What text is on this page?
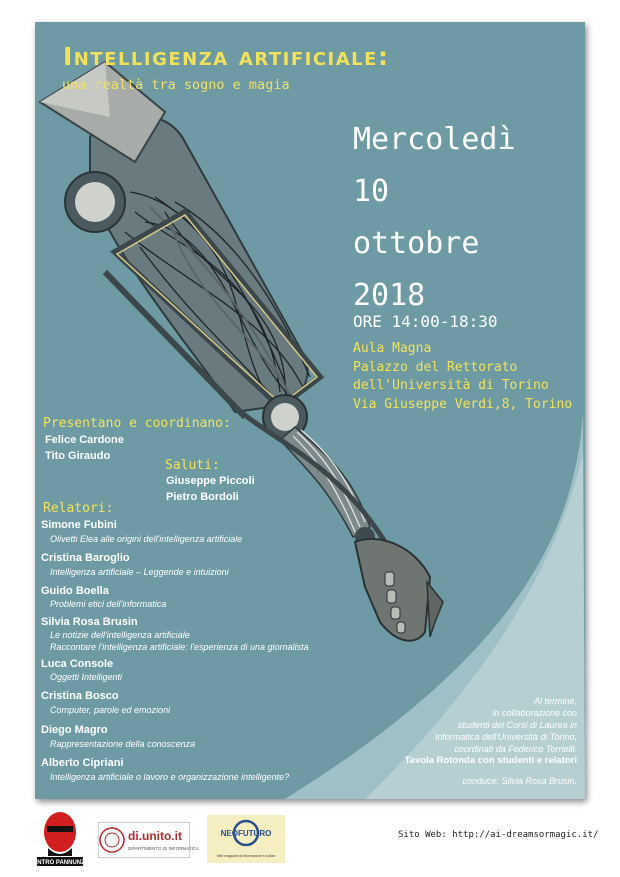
Intelligenza artificiale:
una realtà tra sogno e magia
Mercoledì
10
ottobre
2018
ORE 14:00-18:30
Aula Magna
Palazzo del Rettorato
dell'Università di Torino
Via Giuseppe Verdi,8, Torino
Presentano e coordinano:
Felice Cardone
Tito Giraudo
Saluti:
Giuseppe Piccoli
Pietro Bordoli
Relatori:
Simone Fubini
Olivetti Elea alle origini dell'intelligenza artificiale
Cristina Baroglio
Intelligenza artificiale – Leggende e intuizioni
Guido Boella
Problemi etici dell'informatica
Silvia Rosa Brusin
Le notizie dell'intelligenza artificiale
Raccontare l'intelligenza artificiale: l'esperienza di una giornalista
Luca Console
Oggetti Intelligenti
Cristina Bosco
Computer, parole ed emozioni
Diego Magro
Rappresentazione della conoscenza
Alberto Cipriani
Intelligenza artificiale o lavoro e organizzazione intelligente?
Al termine,
in collaborazione con
studenti dei Corsi di Laurea in
Informatica dell'Università di Torino,
coordinati da Federico Torrielli:
Tavola Rotonda con studenti e relatori
conduce: Silvia Rosa Brusin.
CENTRO PANNUNZIO
di.unito.it
DIPARTIMENTO DI INFORMATICA
NEOFUTURO
Web magazine di informazione e cultura
Sito Web: http://ai-dreamsormagic.it/
